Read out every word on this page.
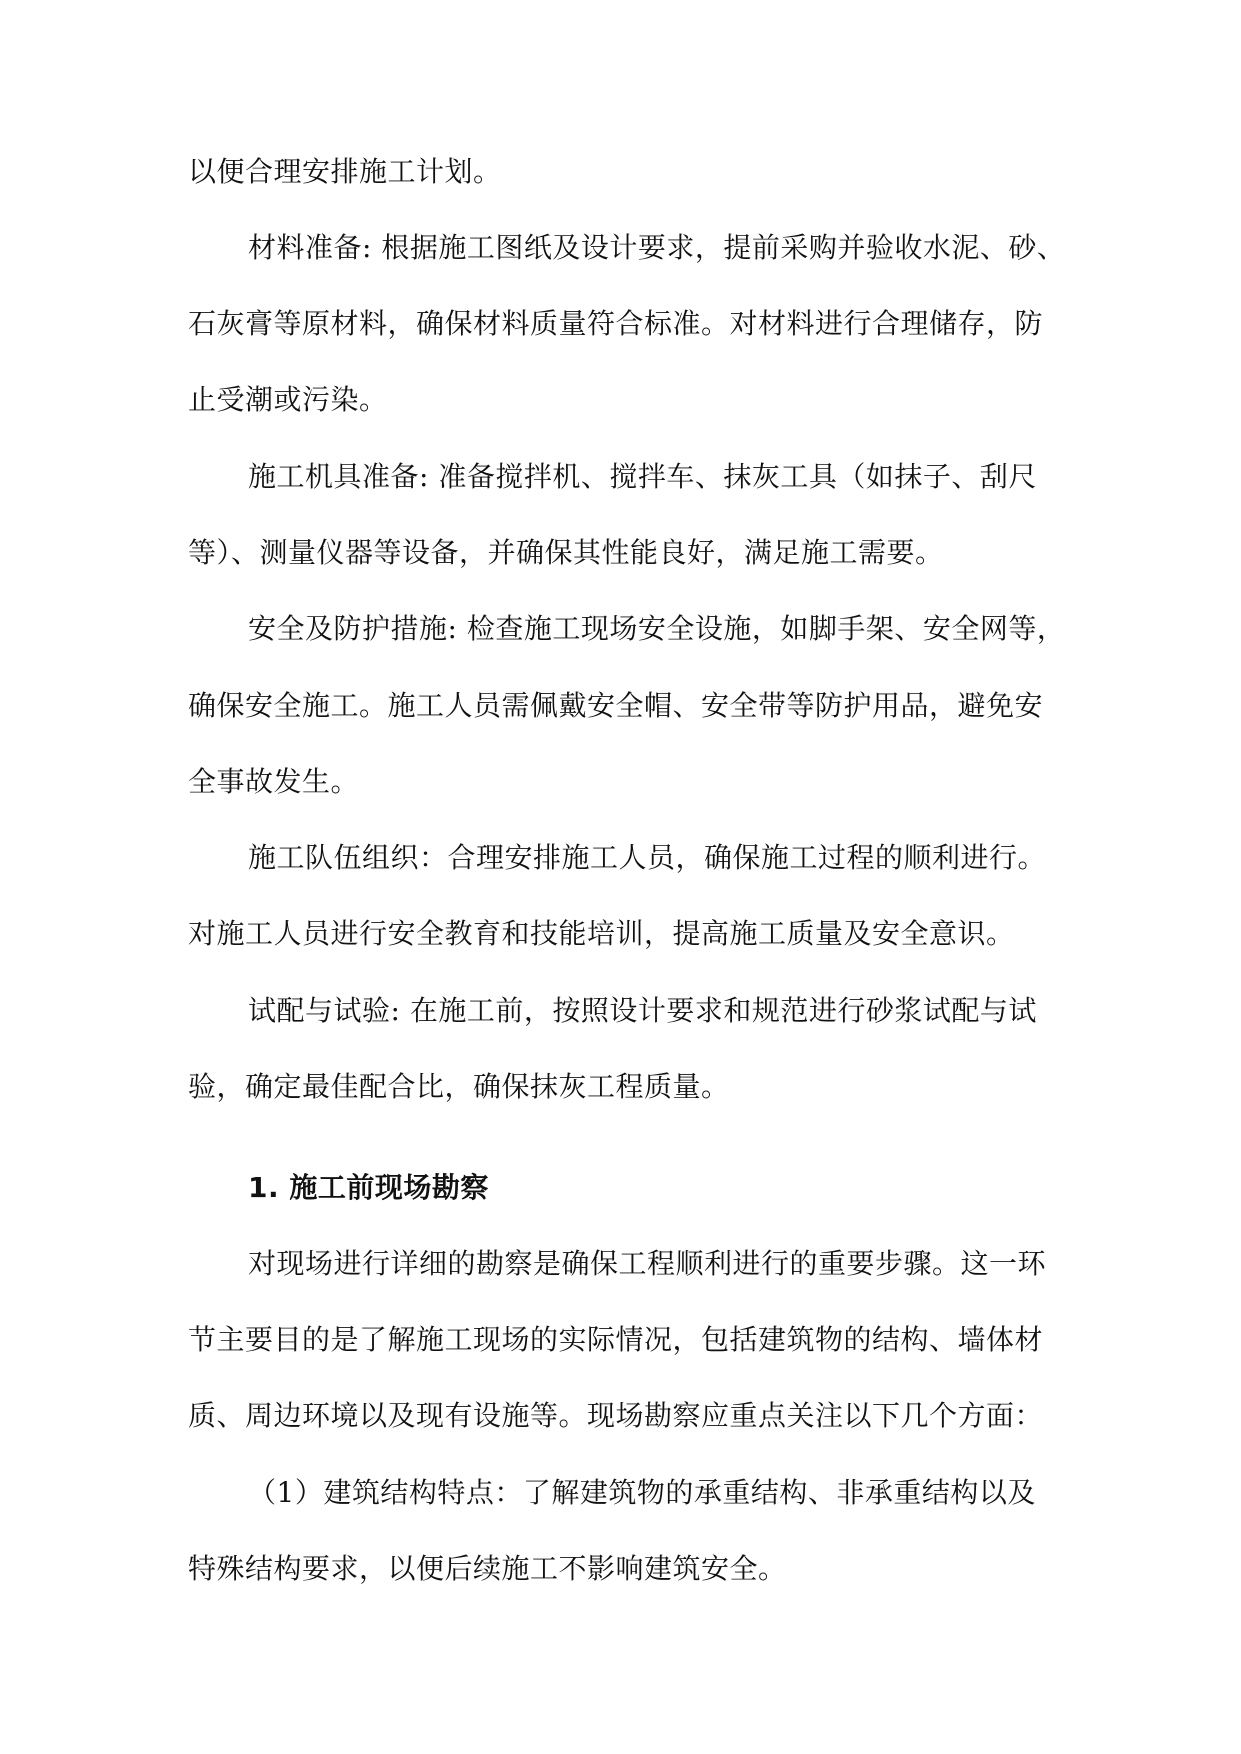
以便合理安排施工计划。

材料准备: 根据施工图纸及设计要求，提前采购并验收水泥、砂、

石灰膏等原材料，确保材料质量符合标准。对材料进行合理储存，防

止受潮或污染。

施工机具准备: 准备搅拌机、搅拌车、抹灰工具（如抹子、刮尺

等）、测量仪器等设备，并确保其性能良好，满足施工需要。

安全及防护措施: 检查施工现场安全设施，如脚手架、安全网等，

确保安全施工。施工人员需佩戴安全帽、安全带等防护用品，避免安

全事故发生。

施工队伍组织：合理安排施工人员，确保施工过程的顺利进行。

对施工人员进行安全教育和技能培训，提高施工质量及安全意识。

试配与试验: 在施工前，按照设计要求和规范进行砂浆试配与试

验，确定最佳配合比，确保抹灰工程质量。

1. 施工前现场勘察

对现场进行详细的勘察是确保工程顺利进行的重要步骤。这一环

节主要目的是了解施工现场的实际情况，包括建筑物的结构、墙体材

质、周边环境以及现有设施等。现场勘察应重点关注以下几个方面：

（1）建筑结构特点：了解建筑物的承重结构、非承重结构以及

特殊结构要求，以便后续施工不影响建筑安全。
